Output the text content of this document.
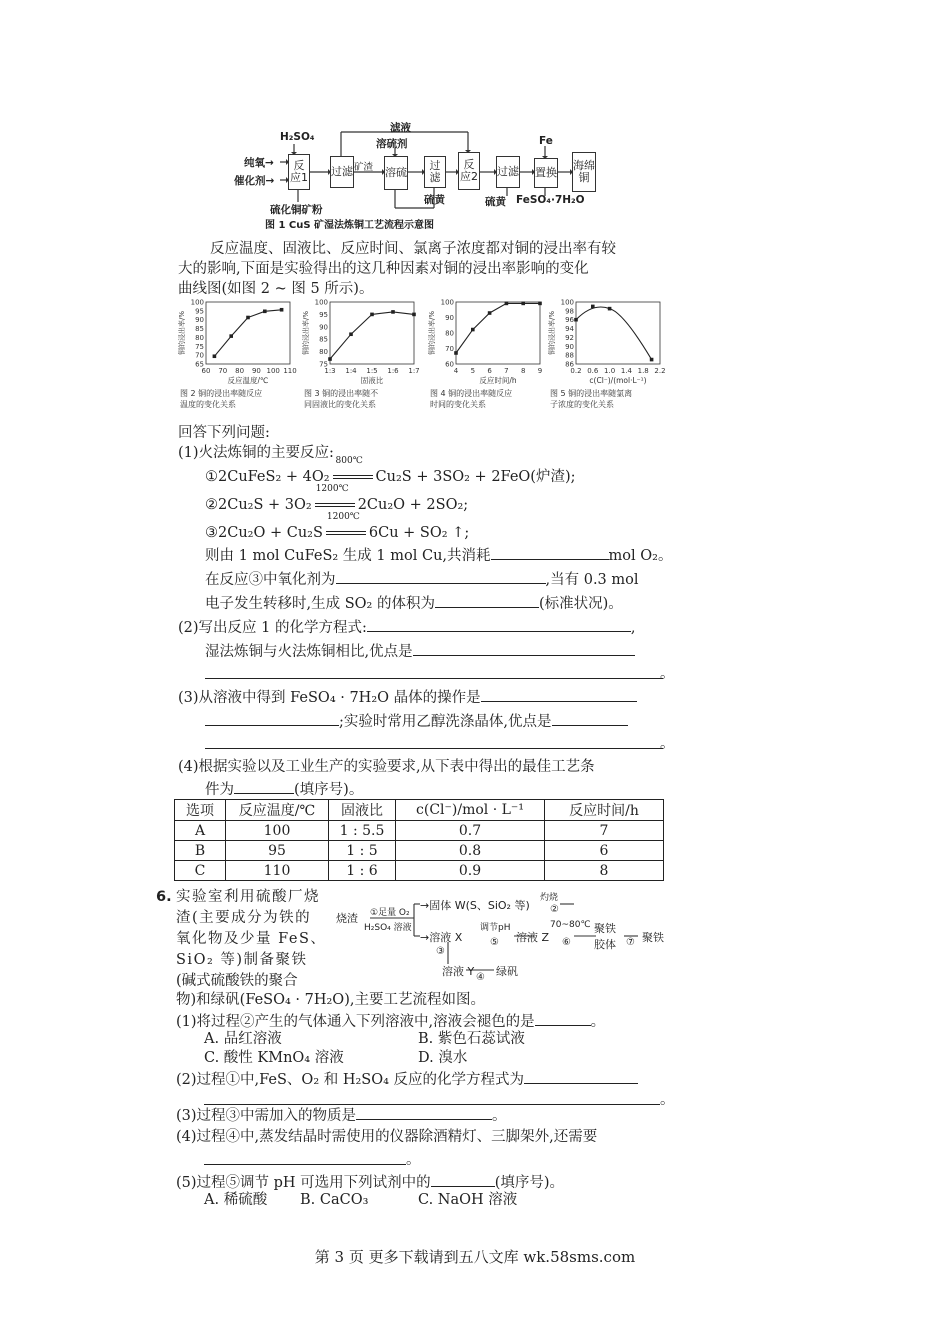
H₂SO₄
纯氧→
催化剂→
硫化铜矿粉
反应1 过滤	溶硫
过滤
反应2 过滤 置换
海绵铜
滤液
溶硫剂
矿渣
硫黄	硫黄
Fe
FeSO₄·7H₂O
图 1 CuS 矿湿法炼铜工艺流程示意图
反应温度、固液比、反应时间、氯离子浓度都对铜的浸出率有较
大的影响,下面是实验得出的这几种因素对铜的浸出率影响的变化
曲线图(如图 2 ~ 图 5 所示)。
100
95
90
85
80
75
70
65
60 70 80 90 100 110
反应温度/℃
铜的浸出率/%
图 2 铜的浸出率随反应
温度的变化关系
100
95
90
85
80
75
1:3 1:4 1:5 1:6 1:7
固液比
铜的浸出率/%
图 3 铜的浸出率随不
同固液比的变化关系
100
90
80
70
60
4 5 6 7 8 9
反应时间/h
铜的浸出率/%
图 4 铜的浸出率随反应
时间的变化关系
100
98
96
94
92
90
88
86
0.2 0.6 1.0 1.4 1.8 2.2
c(Cl⁻)/(mol·L⁻¹)
铜的浸出率/%
图 5 铜的浸出率随氯离
子浓度的变化关系
回答下列问题:
(1)火法炼铜的主要反应:
①2CuFeS₂ + 4O₂
800℃
Cu₂S + 3SO₂ + 2FeO(炉渣);
②2Cu₂S + 3O₂
1200℃
2Cu₂O + 2SO₂;
③2Cu₂O + Cu₂S
1200℃
6Cu + SO₂ ↑;
则由 1 mol CuFeS₂ 生成 1 mol Cu,共消耗	mol O₂。
在反应③中氧化剂为	,当有 0.3 mol
电子发生转移时,生成 SO₂ 的体积为	(标准状况)。
(2)写出反应 1 的化学方程式:	,
湿法炼铜与火法炼铜相比,优点是
。
(3)从溶液中得到 FeSO₄ · 7H₂O 晶体的操作是
;实验时常用乙醇洗涤晶体,优点是
。
(4)根据实验以及工业生产的实验要求,从下表中得出的最佳工艺条
件为	(填序号)。
选项	反应温度/℃	固液比	c(Cl⁻)/mol · L⁻¹	反应时间/h
A	100	1 : 5.5	0.7	7
B	95	1 : 5	0.8	6
C	110	1 : 6	0.9	8
6. 实验室利用硫酸厂烧
渣(主要成分为铁的
氧化物及少量 FeS、
SiO₂ 等)制备聚铁
(碱式硫酸铁的聚合
物)和绿矾(FeSO₄ · 7H₂O),主要工艺流程如图。
烧渣 ①足量 O₂
H₂SO₄ 溶液
→固体 W(S、SiO₂ 等)
灼烧
②
→溶液 X
调节pH
⑤ 溶液 Z
70~80℃
⑥
聚铁
胶体 ⑦ 聚铁
③
溶液 Y ④ 绿矾
(1)将过程②产生的气体通入下列溶液中,溶液会褪色的是	。
A. 品红溶液	B. 紫色石蕊试液
C. 酸性 KMnO₄ 溶液	D. 溴水
(2)过程①中,FeS、O₂ 和 H₂SO₄ 反应的化学方程式为
。
(3)过程③中需加入的物质是	。
(4)过程④中,蒸发结晶时需使用的仪器除酒精灯、三脚架外,还需要
。
(5)过程⑤调节 pH 可选用下列试剂中的	(填序号)。
A. 稀硫酸 B. CaCO₃	C. NaOH 溶液
第 3 页 更多下载请到五八文库 wk.58sms.com
